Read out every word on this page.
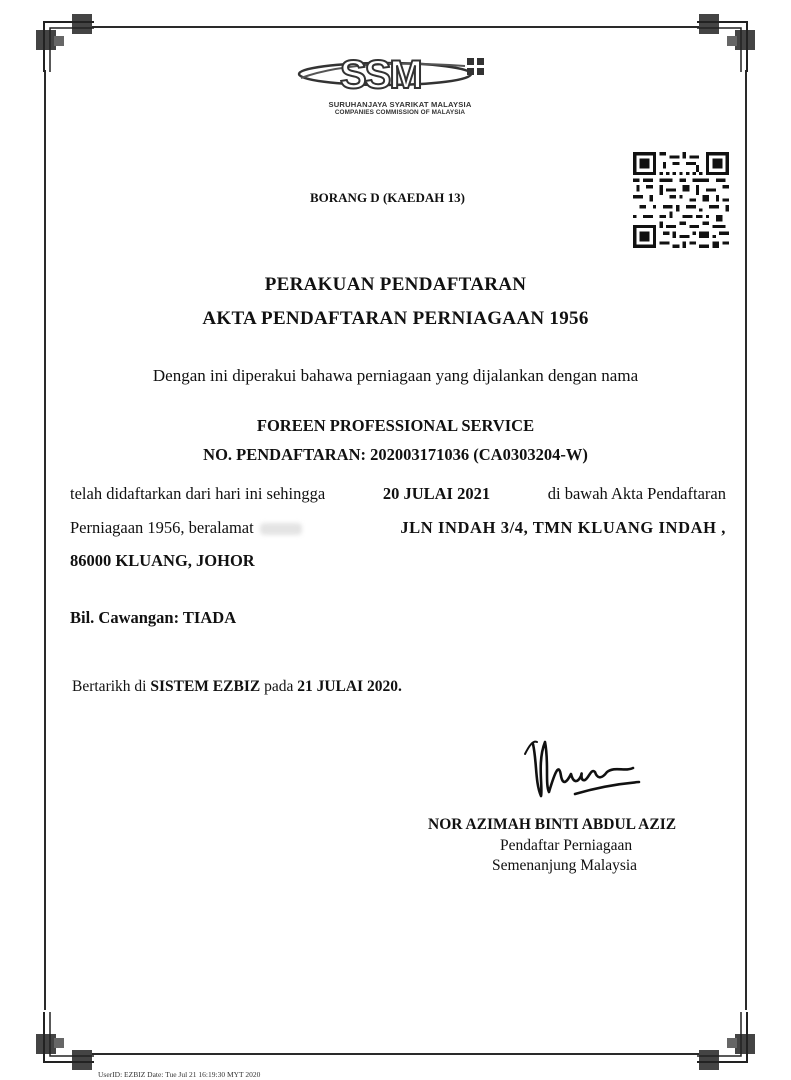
SSM
SURUHANJAYA SYARIKAT MALAYSIA
COMPANIES COMMISSION OF MALAYSIA
BORANG D (KAEDAH 13)
PERAKUAN PENDAFTARAN
AKTA PENDAFTARAN PERNIAGAAN 1956
Dengan ini diperakui bahawa perniagaan yang dijalankan dengan nama
FOREEN PROFESSIONAL SERVICE
NO. PENDAFTARAN: 202003171036 (CA0303204-W)
telah didaftarkan dari hari ini sehingga	20 JULAI 2021	di bawah Akta Pendaftaran
Perniagaan 1956, beralamat	JLN INDAH 3/4, TMN KLUANG INDAH ,
86000 KLUANG, JOHOR
Bil. Cawangan: TIADA
Bertarikh di SISTEM EZBIZ pada 21 JULAI 2020.
NOR AZIMAH BINTI ABDUL AZIZ
Pendaftar Perniagaan
Semenanjung Malaysia
UserID: EZBIZ Date: Tue Jul 21 16:19:30 MYT 2020
